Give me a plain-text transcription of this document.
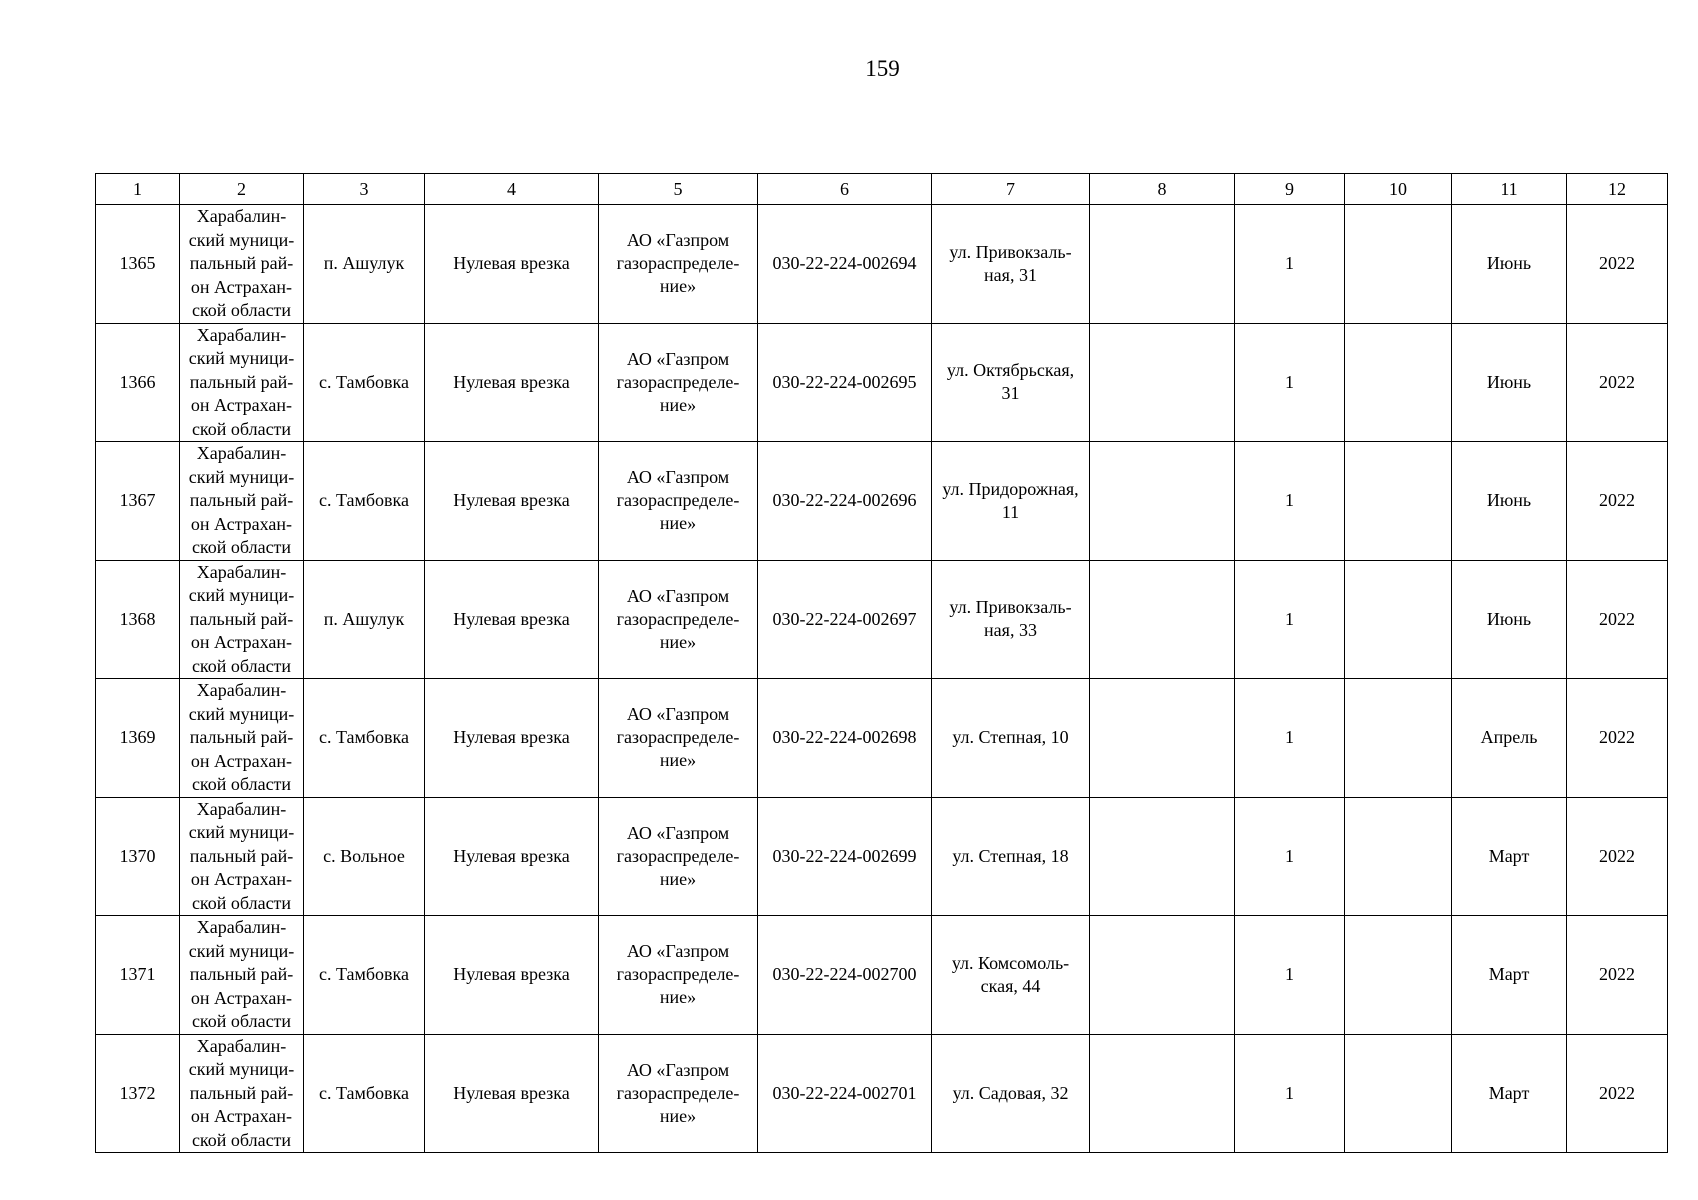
159
1	2	3	4	5	6	7	8	9	10	11	12
1365	Харабалин-
ский муници-
пальный рай-
он Астрахан-
ской области	п. Ашулук	Нулевая врезка	АО «Газпром
газораспределе-
ние»	030-22-224-002694	ул. Привокзаль-
ная, 31		1		Июнь	2022
1366	Харабалин-
ский муници-
пальный рай-
он Астрахан-
ской области	с. Тамбовка	Нулевая врезка	АО «Газпром
газораспределе-
ние»	030-22-224-002695	ул. Октябрьская,
31		1		Июнь	2022
1367	Харабалин-
ский муници-
пальный рай-
он Астрахан-
ской области	с. Тамбовка	Нулевая врезка	АО «Газпром
газораспределе-
ние»	030-22-224-002696	ул. Придорожная,
11		1		Июнь	2022
1368	Харабалин-
ский муници-
пальный рай-
он Астрахан-
ской области	п. Ашулук	Нулевая врезка	АО «Газпром
газораспределе-
ние»	030-22-224-002697	ул. Привокзаль-
ная, 33		1		Июнь	2022
1369	Харабалин-
ский муници-
пальный рай-
он Астрахан-
ской области	с. Тамбовка	Нулевая врезка	АО «Газпром
газораспределе-
ние»	030-22-224-002698	ул. Степная, 10		1		Апрель	2022
1370	Харабалин-
ский муници-
пальный рай-
он Астрахан-
ской области	с. Вольное	Нулевая врезка	АО «Газпром
газораспределе-
ние»	030-22-224-002699	ул. Степная, 18		1		Март	2022
1371	Харабалин-
ский муници-
пальный рай-
он Астрахан-
ской области	с. Тамбовка	Нулевая врезка	АО «Газпром
газораспределе-
ние»	030-22-224-002700	ул. Комсомоль-
ская, 44		1		Март	2022
1372	Харабалин-
ский муници-
пальный рай-
он Астрахан-
ской области	с. Тамбовка	Нулевая врезка	АО «Газпром
газораспределе-
ние»	030-22-224-002701	ул. Садовая, 32		1		Март	2022
